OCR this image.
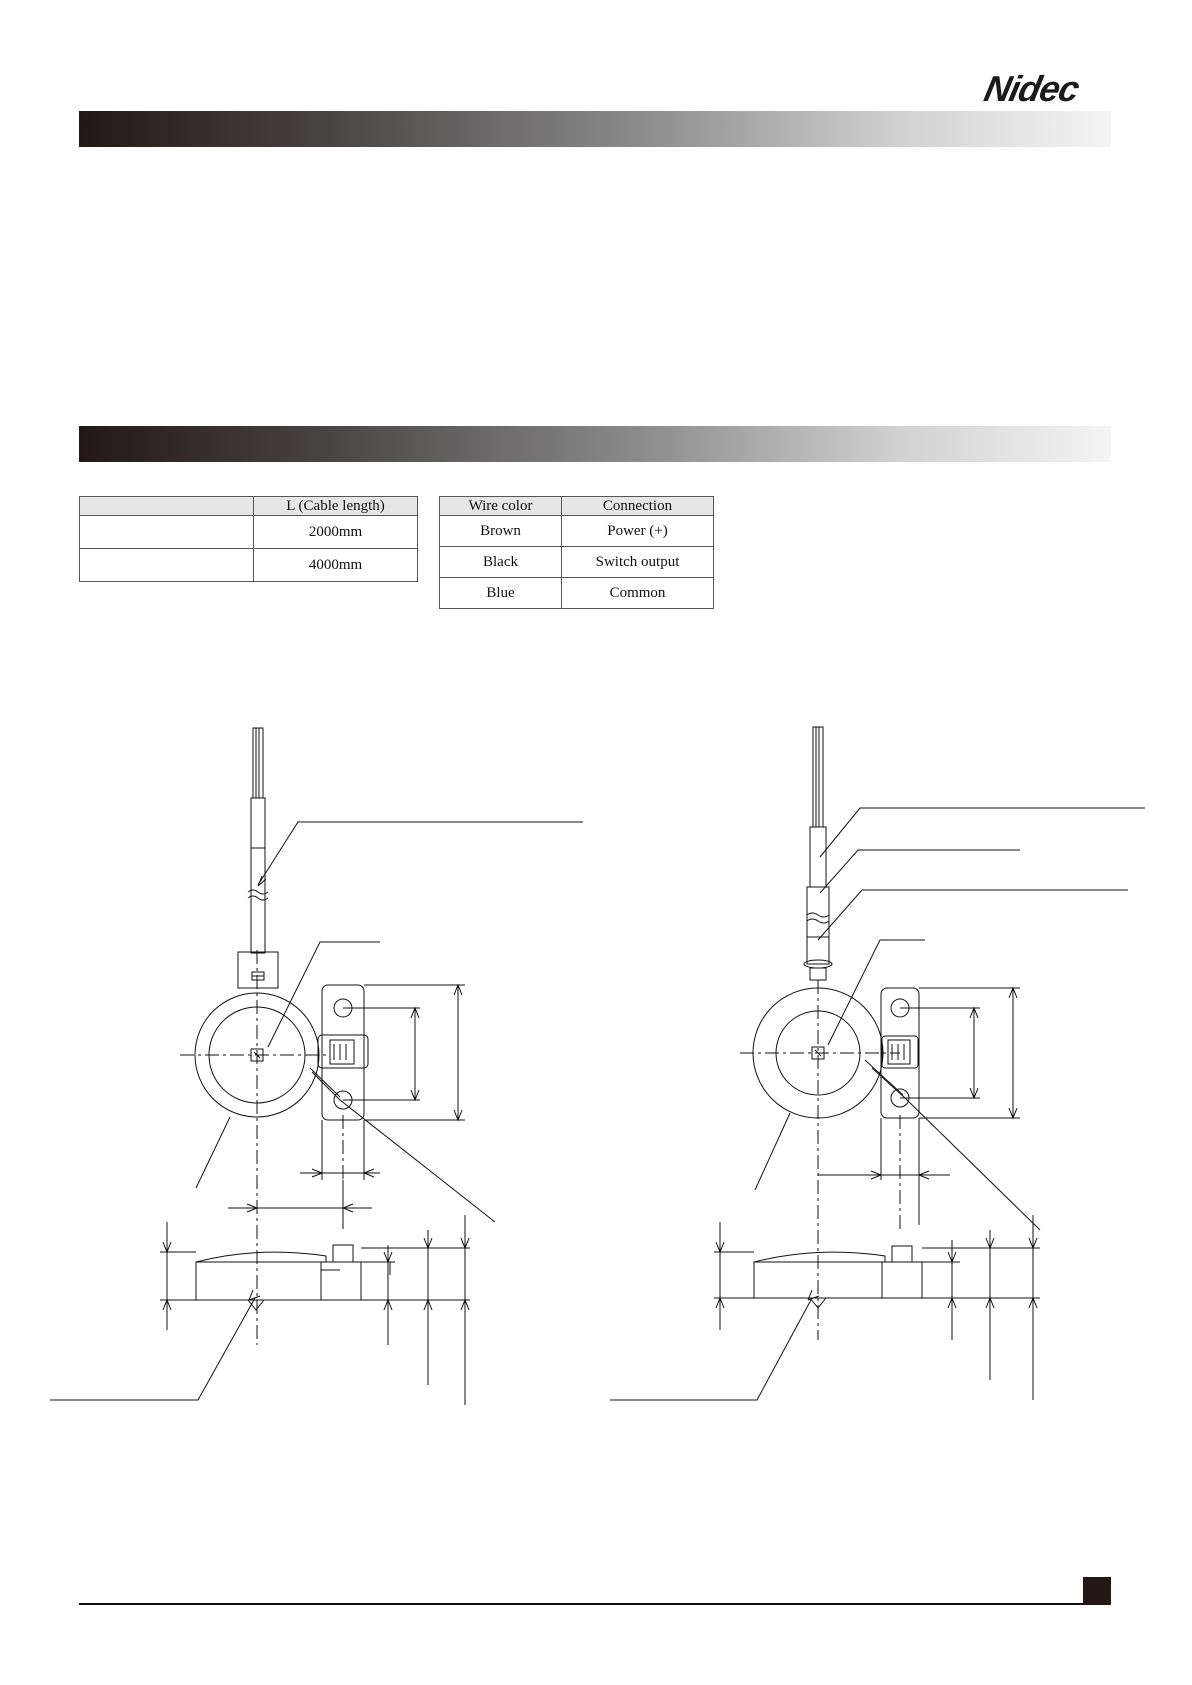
Nidec
	L (Cable length)
	2000mm
	4000mm
Wire color	Connection
Brown	Power (+)
Black	Switch output
Blue	Common
